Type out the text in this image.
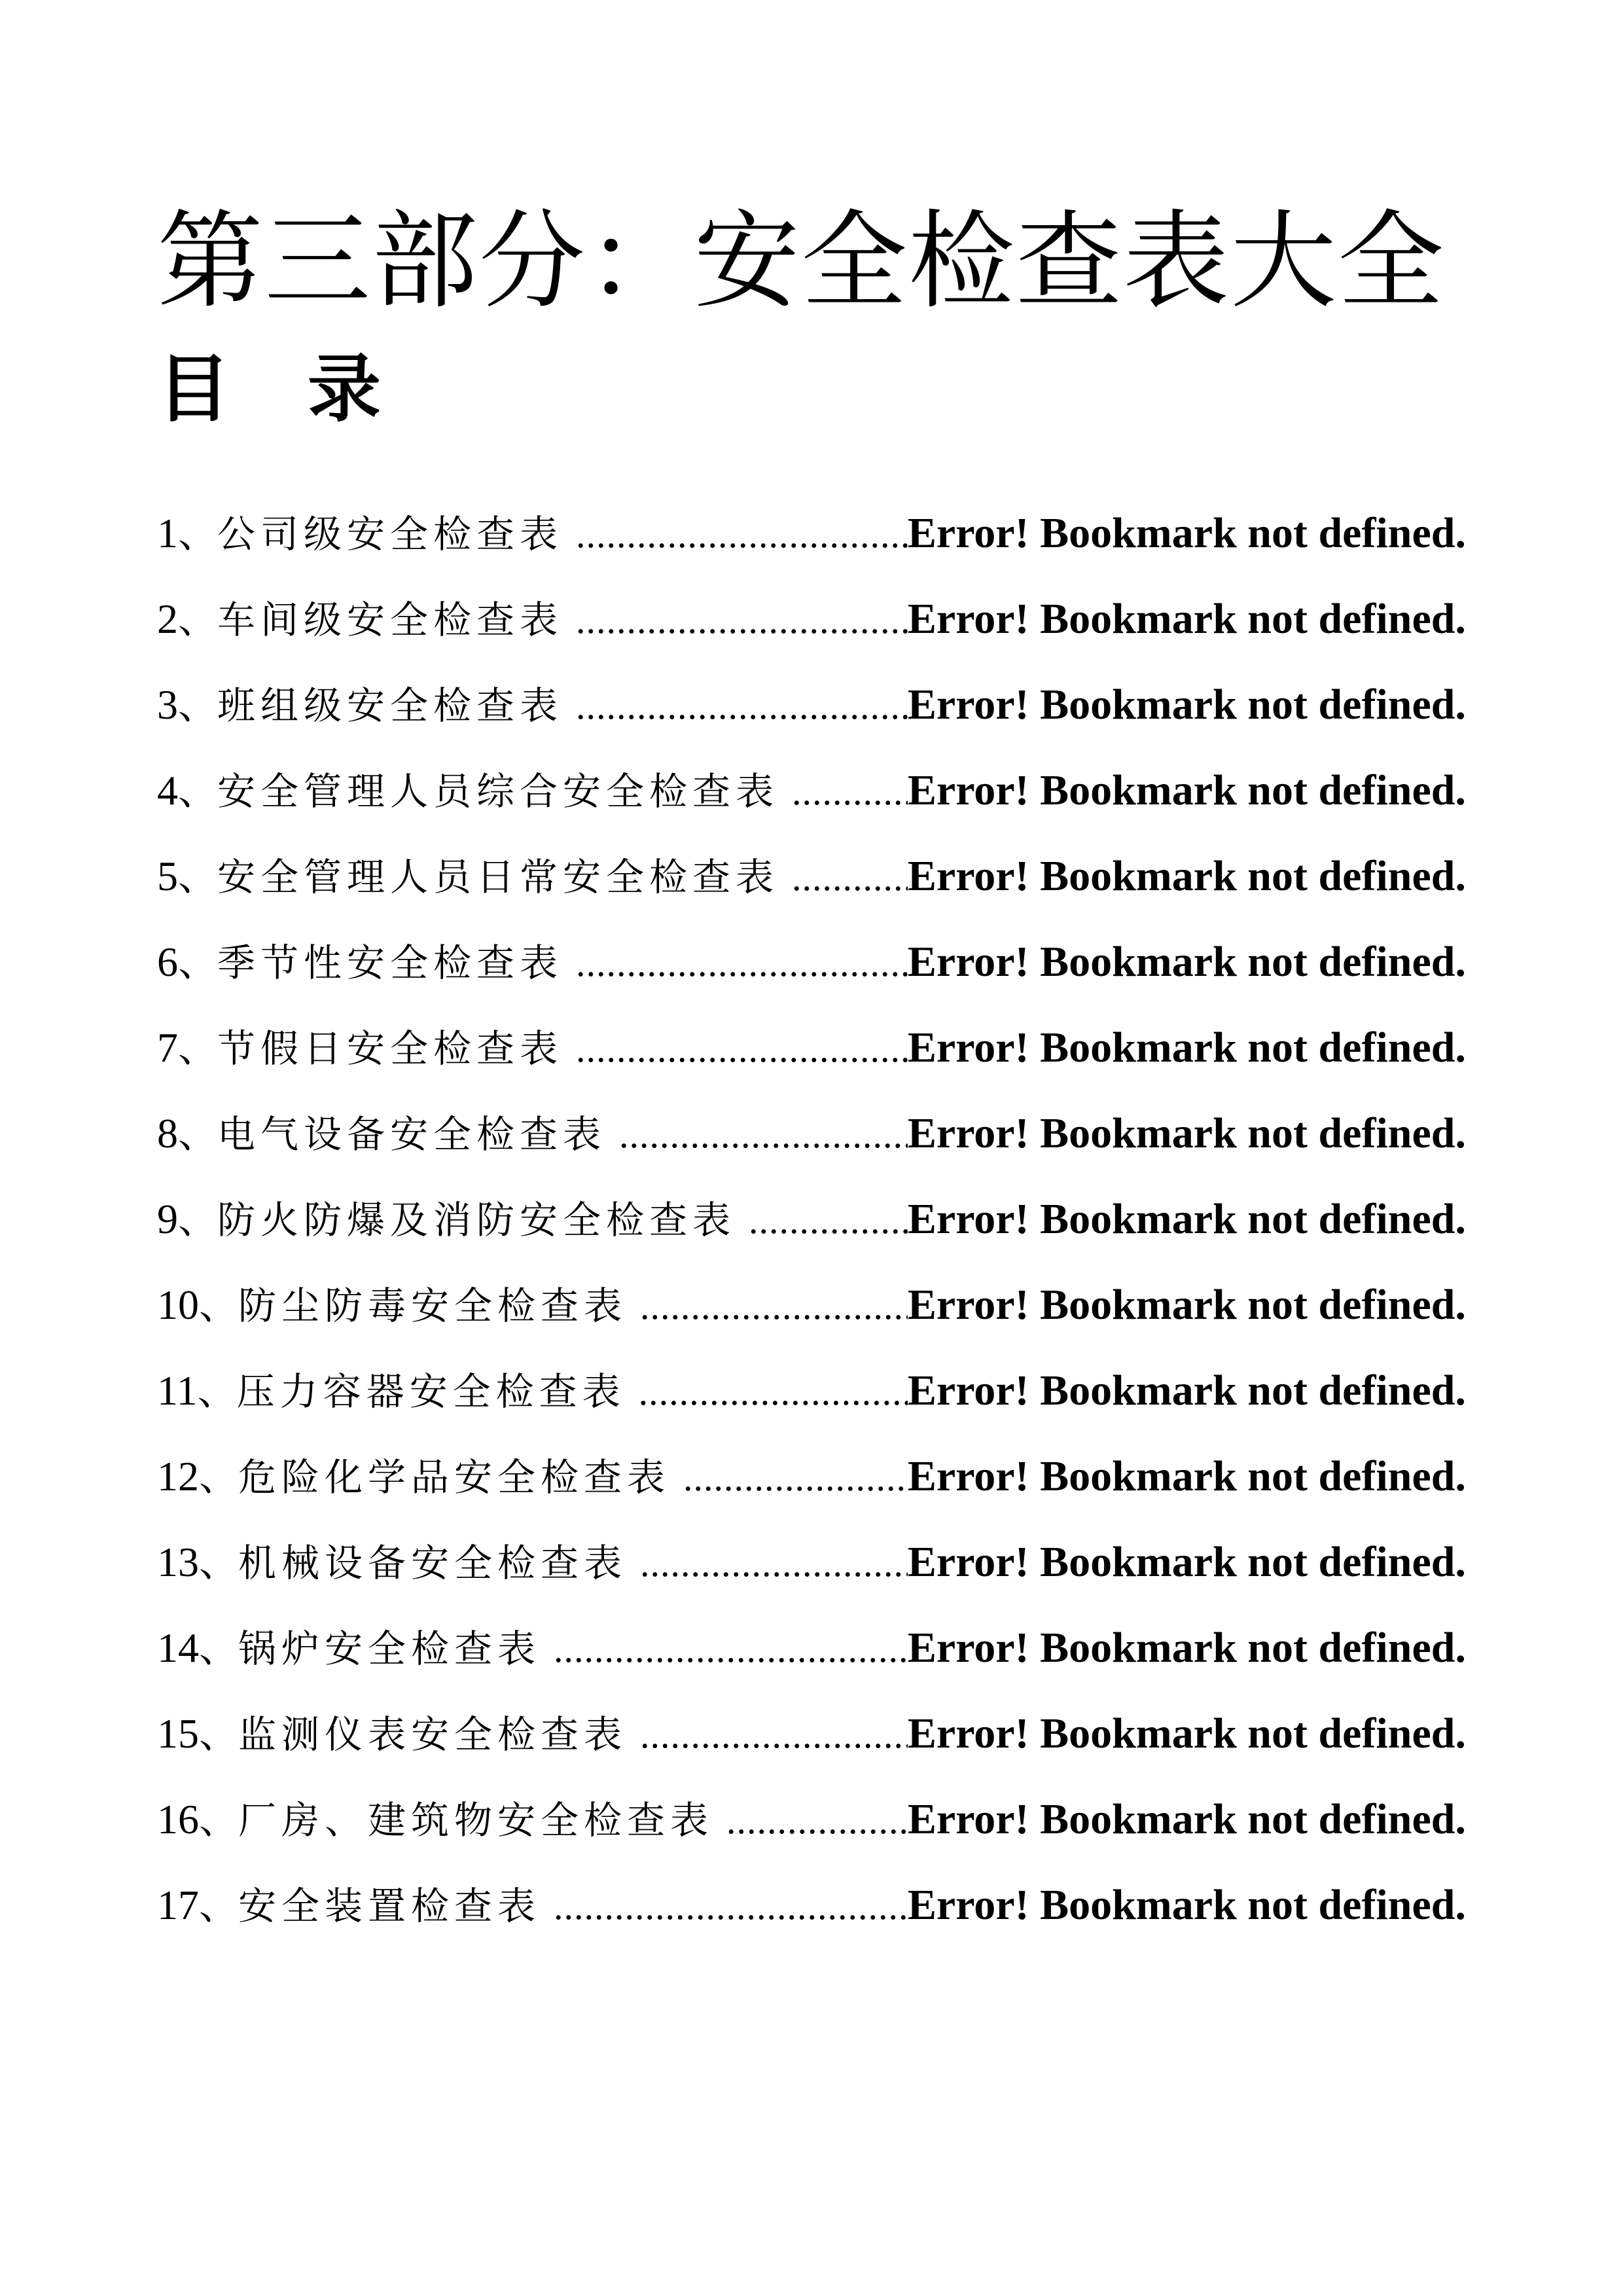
第三部分：安全检查表大全
目 录
1 、 公司级安全检查表 .....	Error! Bookmark not defined.
2 、 车间级安全检查表 .....	Error! Bookmark not defined.
3 、 班组级安全检查表 .....	Error! Bookmark not defined.
4 、 安全管理人员综合安全检查表 .....	Error! Bookmark not defined.
5 、 安全管理人员日常安全检查表 .....	Error! Bookmark not defined.
6 、 季节性安全检查表 .....	Error! Bookmark not defined.
7 、 节假日安全检查表 .....	Error! Bookmark not defined.
8 、 电气设备安全检查表 .....	Error! Bookmark not defined.
9 、 防火防爆及消防安全检查表 .....	Error! Bookmark not defined.
10 、 防尘防毒安全检查表 .....	Error! Bookmark not defined.
11 、 压力容器安全检查表 .....	Error! Bookmark not defined.
12 、 危险化学品安全检查表 .....	Error! Bookmark not defined.
13 、 机械设备安全检查表 .....	Error! Bookmark not defined.
14 、 锅炉安全检查表 .....	Error! Bookmark not defined.
15 、 监测仪表安全检查表 .....	Error! Bookmark not defined.
16 、 厂房、建筑物安全检查表 .....	Error! Bookmark not defined.
17 、 安全装置检查表 .....	Error! Bookmark not defined.
